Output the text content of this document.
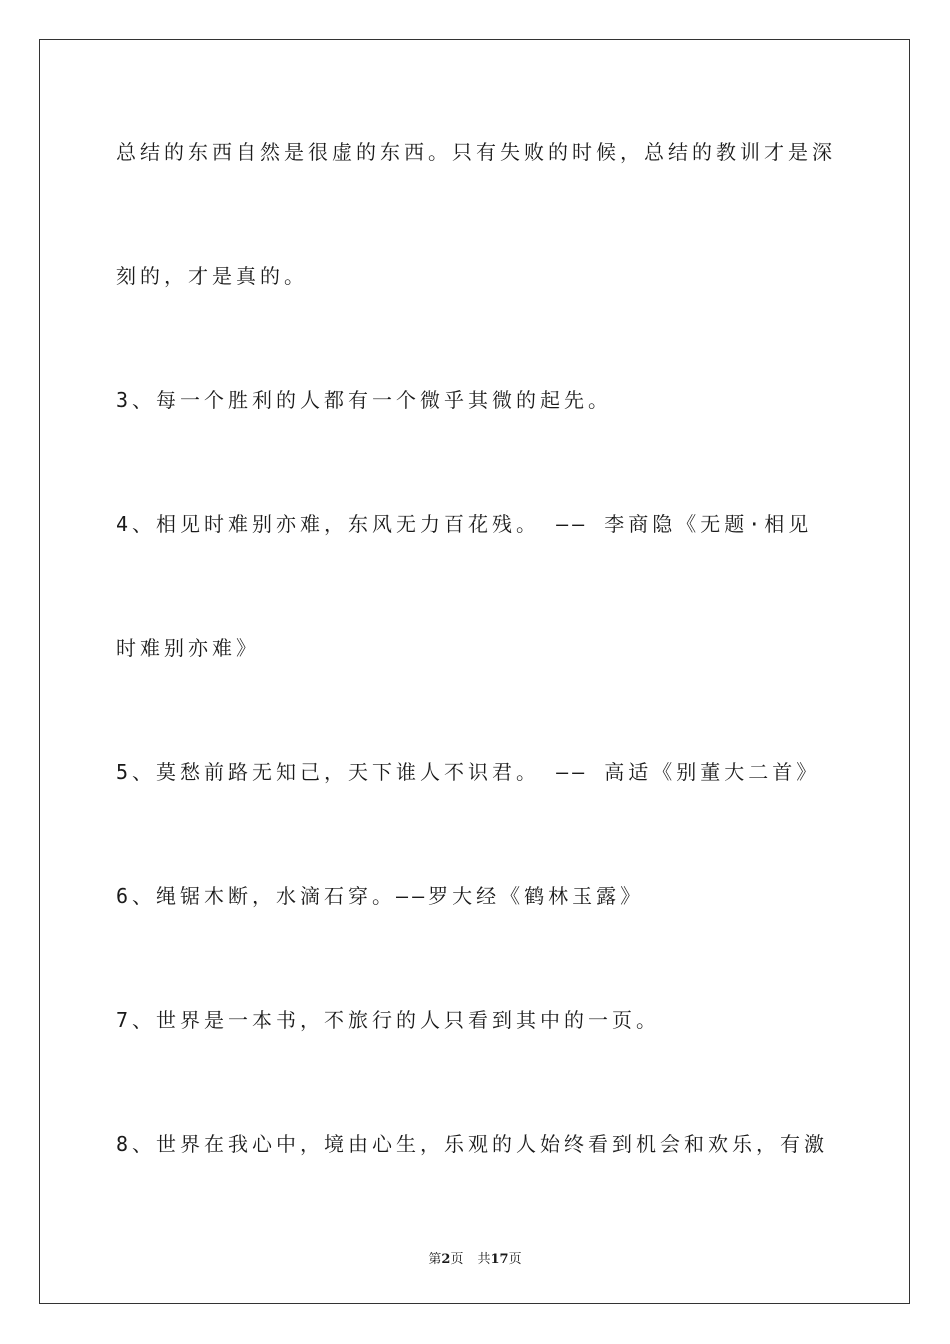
总结的东西自然是很虚的东西。只有失败的时候，总结的教训才是深
刻的，才是真的。
3、每一个胜利的人都有一个微乎其微的起先。
4、相见时难别亦难，东风无力百花残。 —— 李商隐《无题·相见
时难别亦难》
5、莫愁前路无知己，天下谁人不识君。 —— 高适《别董大二首》
6、绳锯木断，水滴石穿。——罗大经《鹤林玉露》
7、世界是一本书，不旅行的人只看到其中的一页。
8、世界在我心中，境由心生，乐观的人始终看到机会和欢乐，有激
第2页 共17页
